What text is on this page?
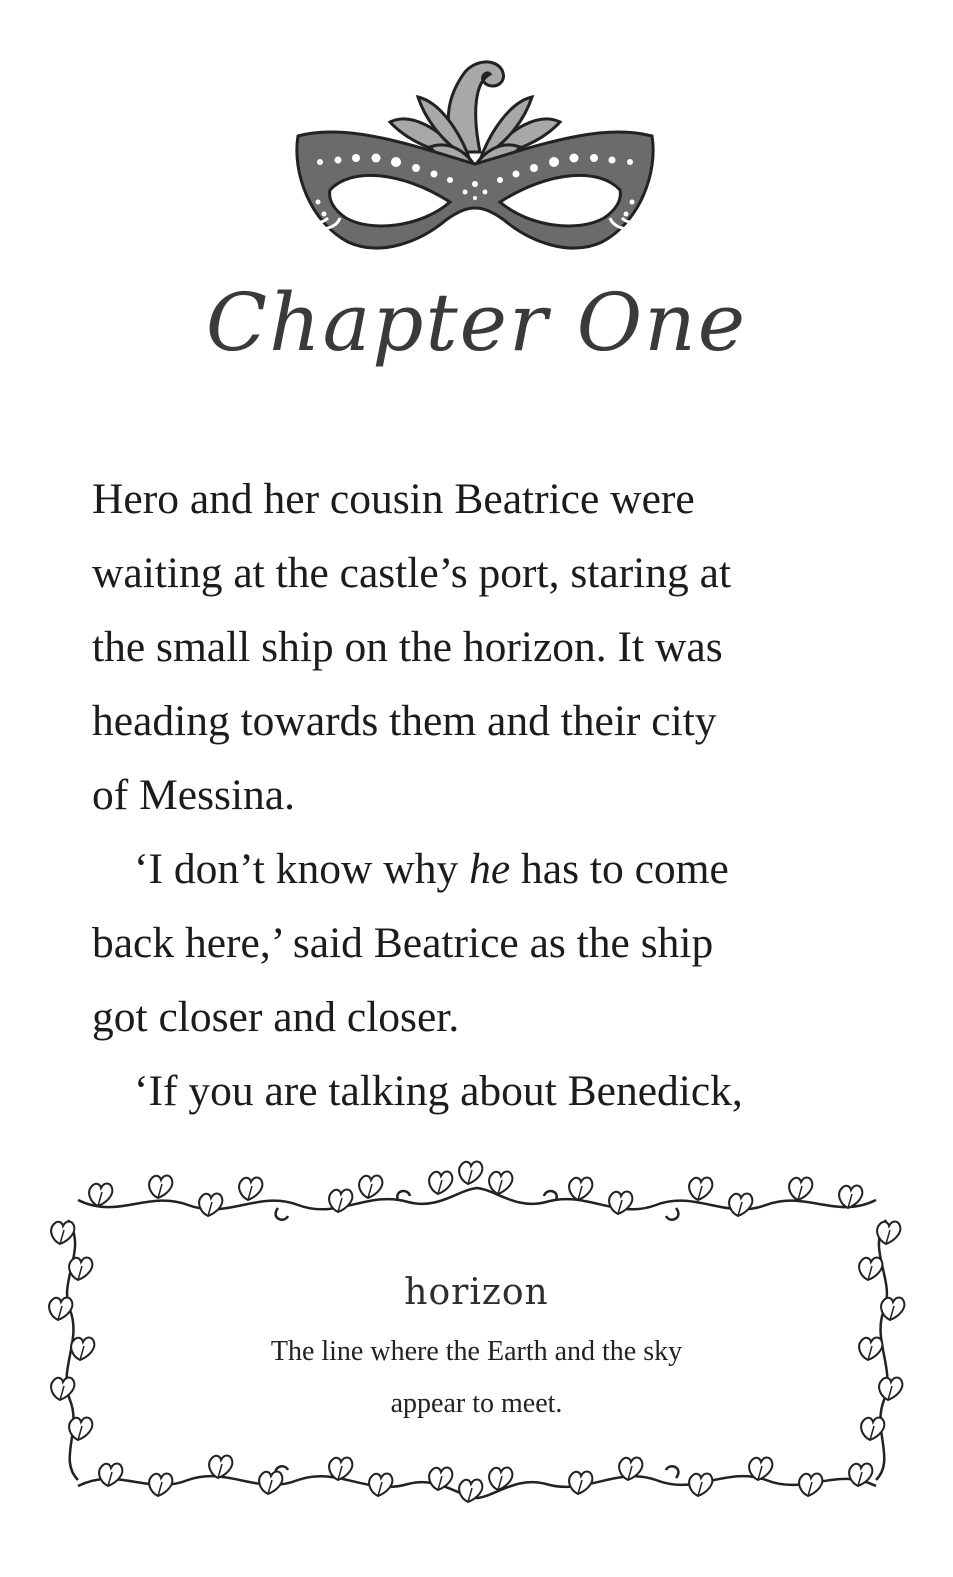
Chapter One

Hero and her cousin Beatrice were

waiting at the castle’s port, staring at

the small ship on the horizon. It was

heading towards them and their city

of Messina.

‘I don’t know why he has to come

back here,’ said Beatrice as the ship

got closer and closer.

‘If you are talking about Benedick,

horizon
The line where the Earth and the sky
appear to meet.
